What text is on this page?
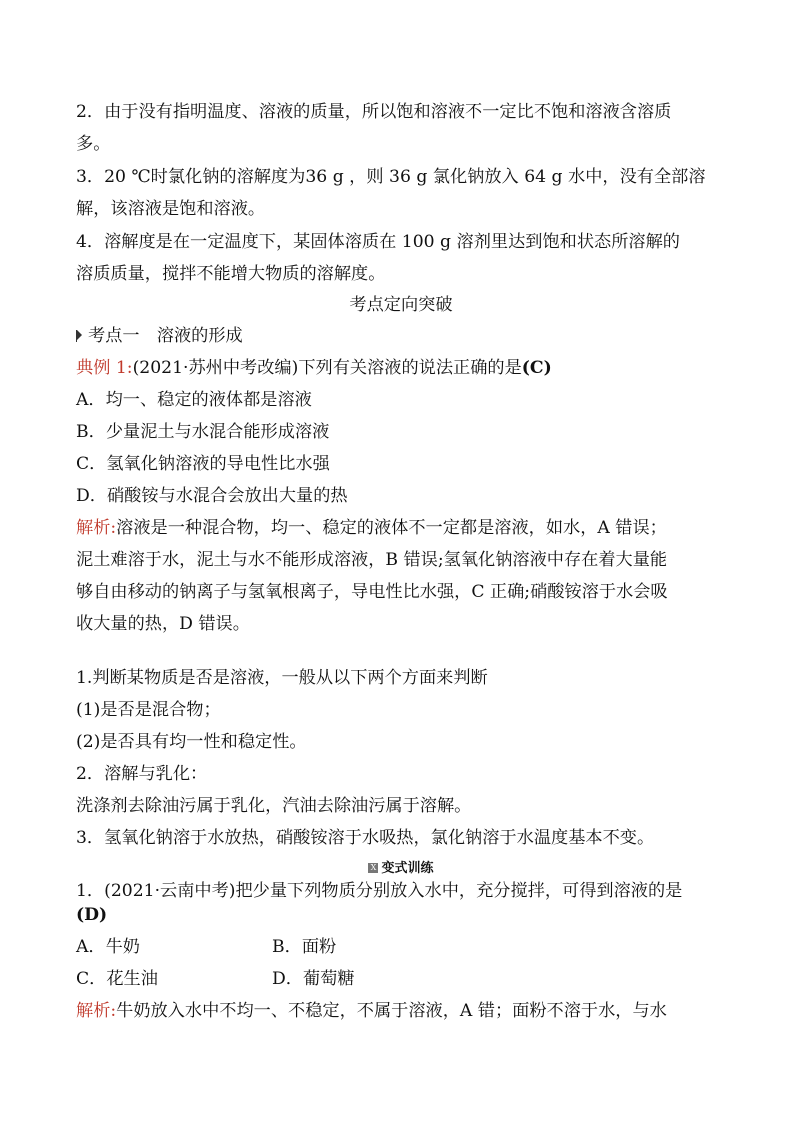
2．由于没有指明温度、溶液的质量，所以饱和溶液不一定比不饱和溶液含溶质
多。
3．20 ℃时氯化钠的溶解度为36 g ，则 36 g 氯化钠放入 64 g 水中，没有全部溶
解，该溶液是饱和溶液。
4．溶解度是在一定温度下，某固体溶质在 100 g 溶剂里达到饱和状态所溶解的
溶质质量，搅拌不能增大物质的溶解度。
考点定向突破
考点一　溶液的形成
典例 1:(2021·苏州中考改编)下列有关溶液的说法正确的是(C)
A．均一、稳定的液体都是溶液
B．少量泥土与水混合能形成溶液
C．氢氧化钠溶液的导电性比水强
D．硝酸铵与水混合会放出大量的热
解析:溶液是一种混合物，均一、稳定的液体不一定都是溶液，如水，A 错误；
泥土难溶于水，泥土与水不能形成溶液，B 错误;氢氧化钠溶液中存在着大量能
够自由移动的钠离子与氢氧根离子，导电性比水强，C 正确;硝酸铵溶于水会吸
收大量的热，D 错误。
1.判断某物质是否是溶液，一般从以下两个方面来判断
(1)是否是混合物；
(2)是否具有均一性和稳定性。
2．溶解与乳化：
洗涤剂去除油污属于乳化，汽油去除油污属于溶解。
3．氢氧化钠溶于水放热，硝酸铵溶于水吸热，氯化钠溶于水温度基本不变。
X 变式训练
1．(2021·云南中考)把少量下列物质分别放入水中，充分搅拌，可得到溶液的是
(D)
A．牛奶	B．面粉
C．花生油	D．葡萄糖
解析:牛奶放入水中不均一、不稳定，不属于溶液，A 错；面粉不溶于水，与水
